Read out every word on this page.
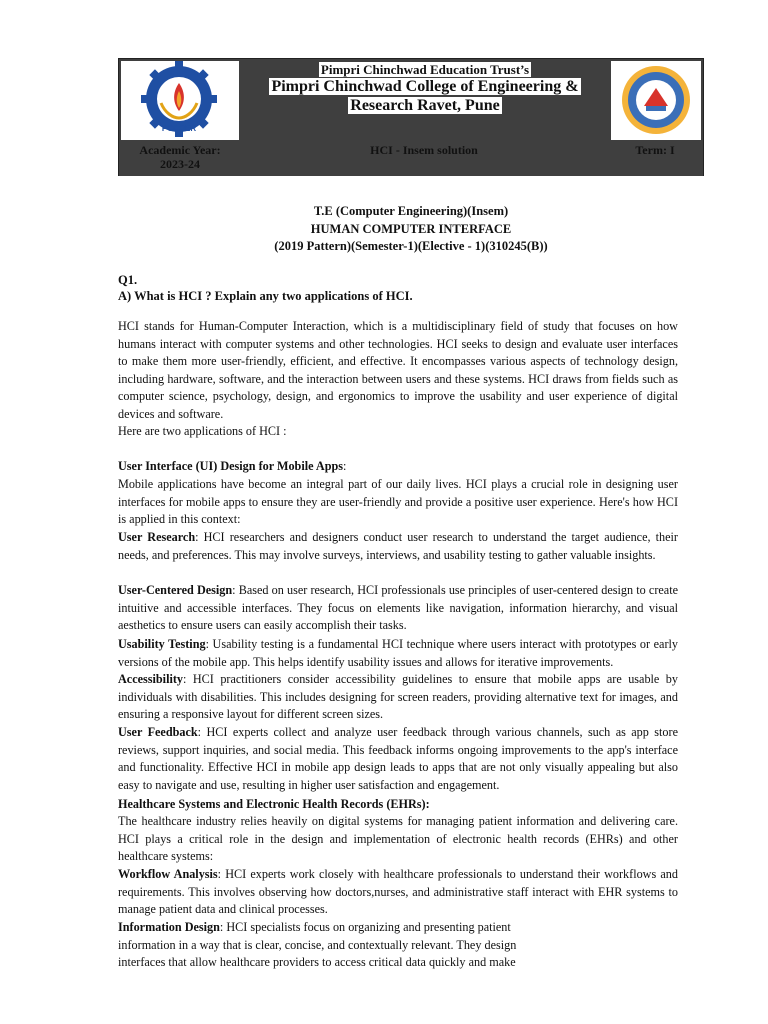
PCCOER
Pimpri Chinchwad Education Trust’s
Pimpri Chinchwad College of Engineering &
Research Ravet, Pune
Academic Year:
2023-24
HCI - Insem solution	Term: I
T.E (Computer Engineering)(Insem)
HUMAN COMPUTER INTERFACE
(2019 Pattern)(Semester-1)(Elective - 1)(310245(B))
Q1.
A) What is HCI ? Explain any two applications of HCI.

HCI stands for Human-Computer Interaction, which is a multidisciplinary field of study that focuses on how humans interact with computer systems and other technologies. HCI seeks to design and evaluate user interfaces to make them more user-friendly, efficient, and effective. It encompasses various aspects of technology design, including hardware, software, and the interaction between users and these systems. HCI draws from fields such as computer science, psychology, design, and ergonomics to improve the usability and user experience of digital devices and software.

Here are two applications of HCI :

User Interface (UI) Design for Mobile Apps:

Mobile applications have become an integral part of our daily lives. HCI plays a crucial role in designing user interfaces for mobile apps to ensure they are user-friendly and provide a positive user experience. Here's how HCI is applied in this context:

User Research: HCI researchers and designers conduct user research to understand the target audience, their needs, and preferences. This may involve surveys, interviews, and usability testing to gather valuable insights.

User-Centered Design: Based on user research, HCI professionals use principles of user-centered design to create intuitive and accessible interfaces. They focus on elements like navigation, information hierarchy, and visual aesthetics to ensure users can easily accomplish their tasks.

Usability Testing: Usability testing is a fundamental HCI technique where users interact with prototypes or early versions of the mobile app. This helps identify usability issues and allows for iterative improvements.

Accessibility: HCI practitioners consider accessibility guidelines to ensure that mobile apps are usable by individuals with disabilities. This includes designing for screen readers, providing alternative text for images, and ensuring a responsive layout for different screen sizes.

User Feedback: HCI experts collect and analyze user feedback through various channels, such as app store reviews, support inquiries, and social media. This feedback informs ongoing improvements to the app's interface and functionality. Effective HCI in mobile app design leads to apps that are not only visually appealing but also easy to navigate and use, resulting in higher user satisfaction and engagement.

Healthcare Systems and Electronic Health Records (EHRs):

The healthcare industry relies heavily on digital systems for managing patient information and delivering care. HCI plays a critical role in the design and implementation of electronic health records (EHRs) and other healthcare systems:

Workflow Analysis: HCI experts work closely with healthcare professionals to understand their workflows and requirements. This involves observing how doctors,nurses, and administrative staff interact with EHR systems to manage patient data and clinical processes.

Information Design: HCI specialists focus on organizing and presenting patient
information in a way that is clear, concise, and contextually relevant. They design
interfaces that allow healthcare providers to access critical data quickly and make
